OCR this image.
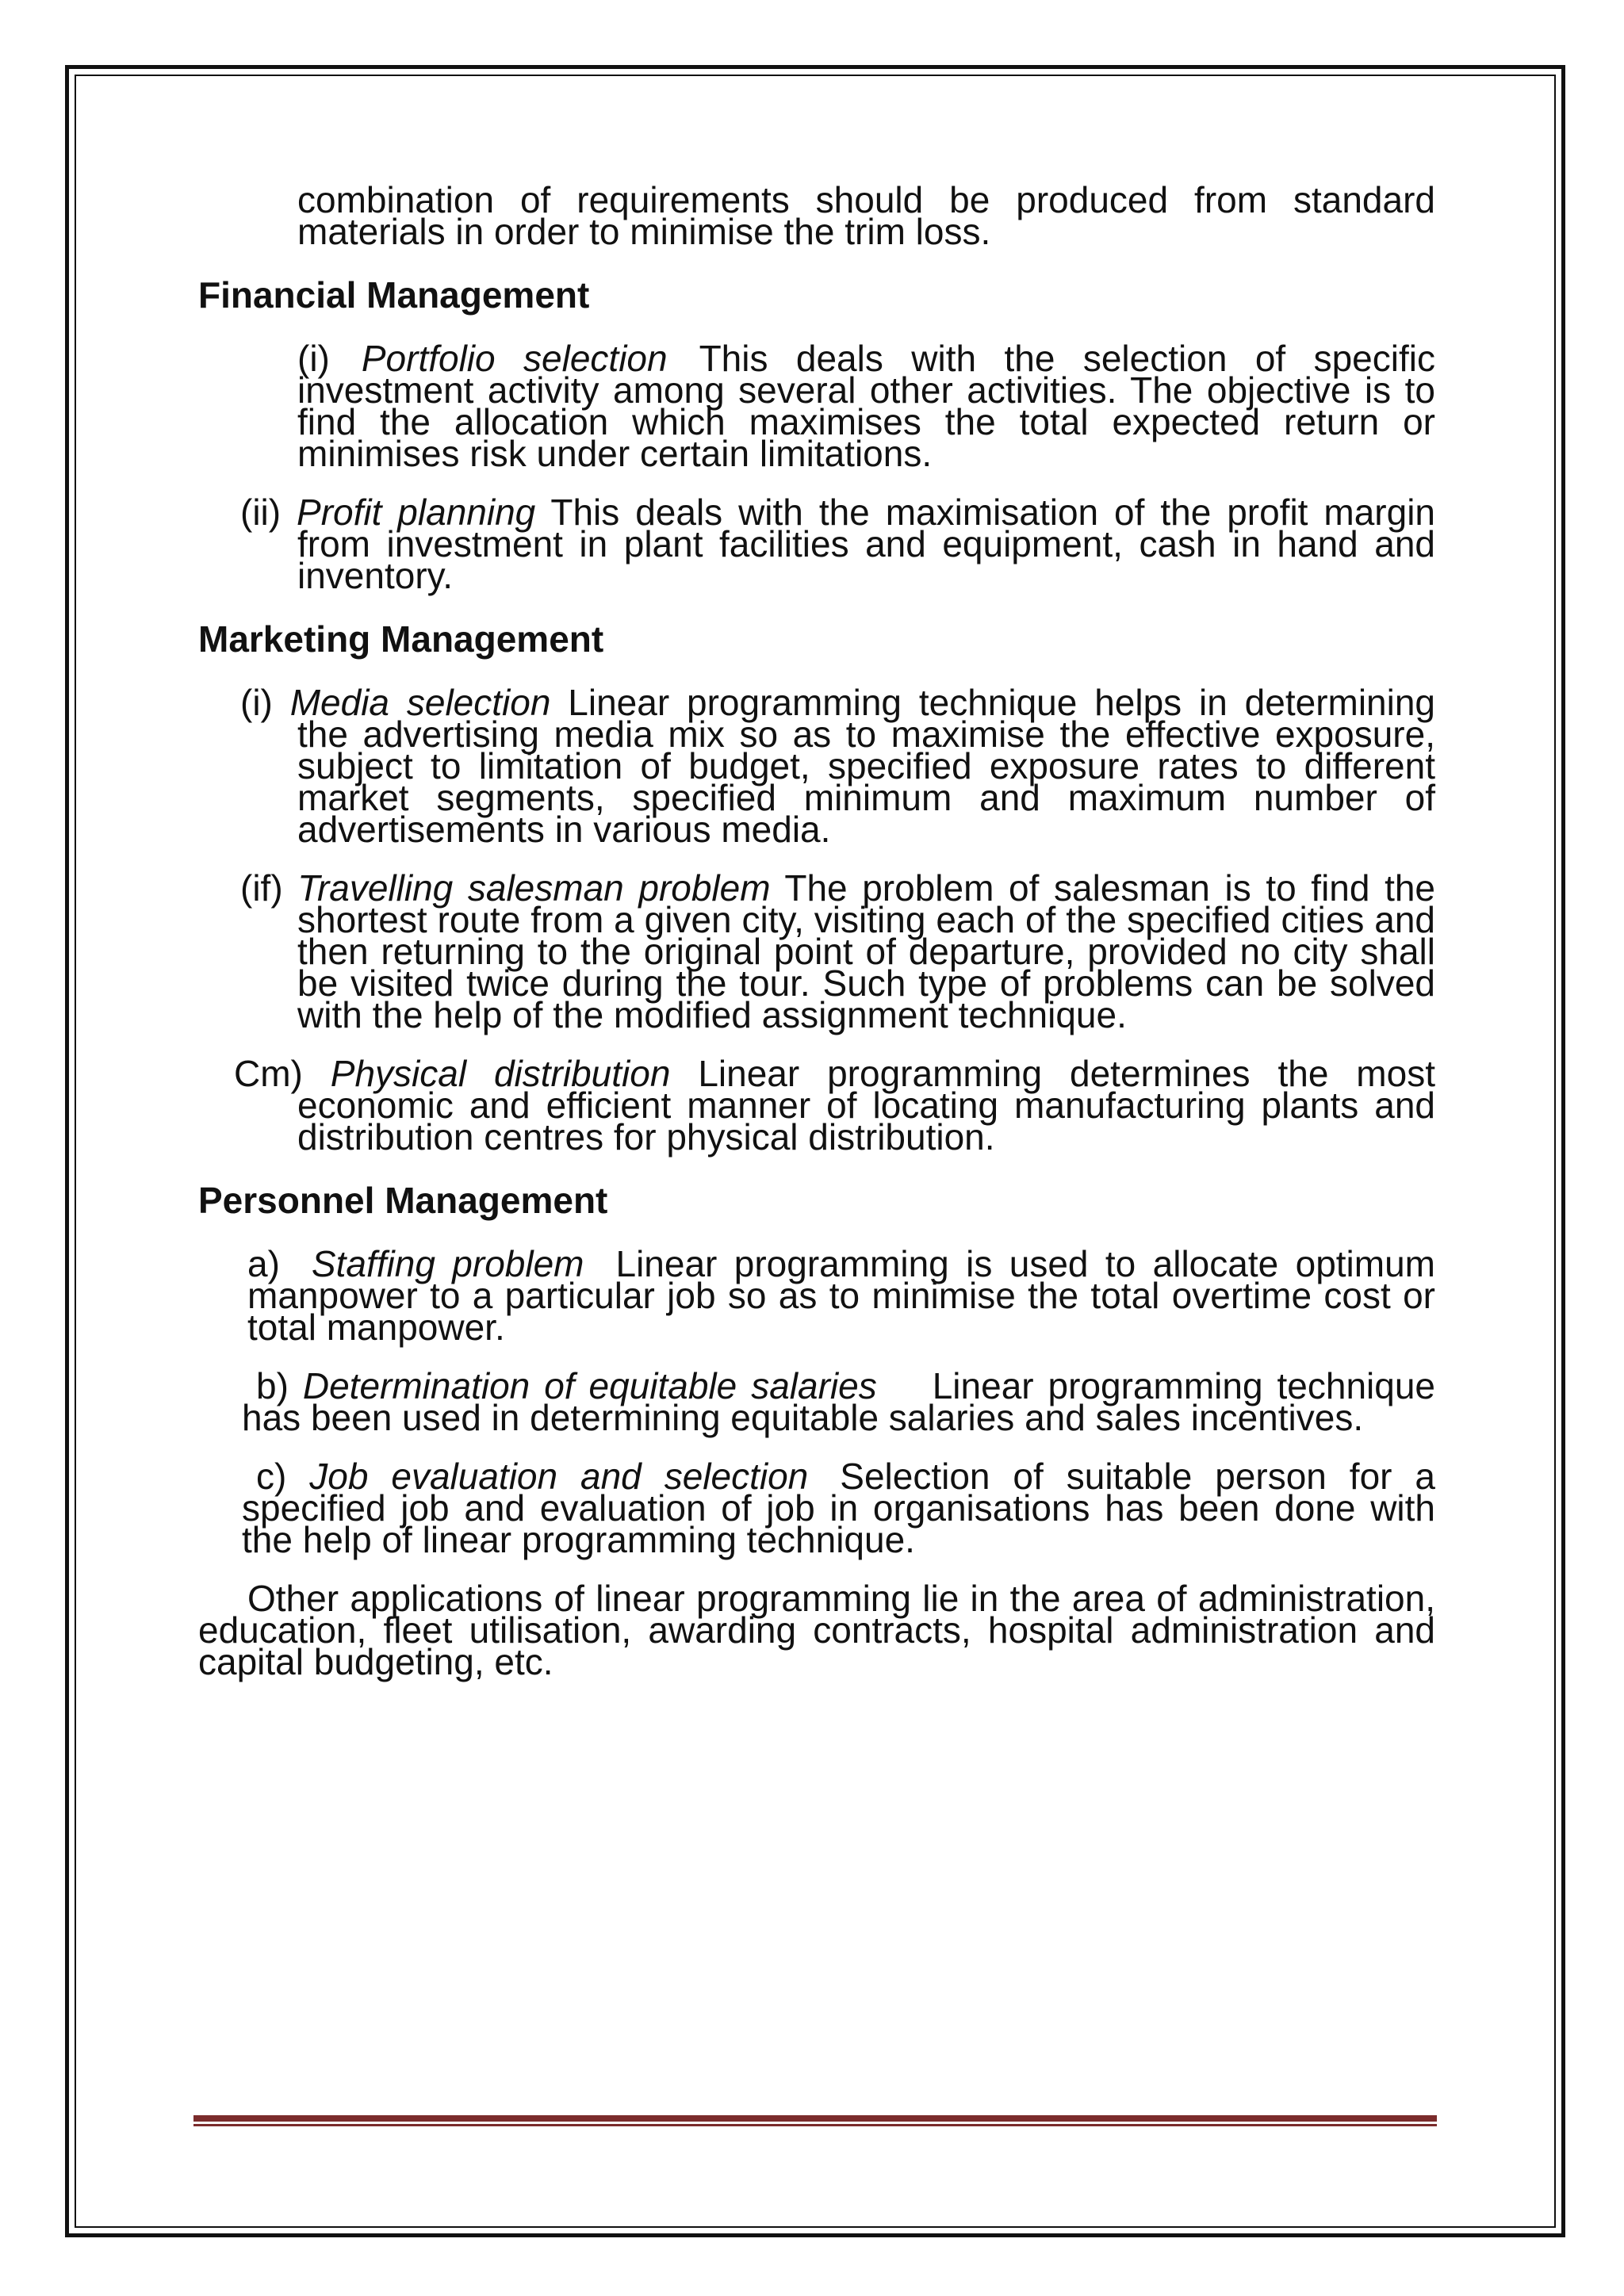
combination of requirements should be produced from standard materials in order to minimise the trim loss.

Financial Management

(i) Portfolio selection This deals with the selection of specific investment activity among several other activities. The objective is to find the allocation which maximises the total expected return or minimises risk under certain limitations.

(ii) Profit planning This deals with the maximisation of the profit margin from investment in plant facilities and equipment, cash in hand and inventory.

Marketing Management

(i) Media selection Linear programming technique helps in determining the advertising media mix so as to maximise the effective exposure, subject to limitation of budget, specified exposure rates to different market segments, specified minimum and maximum number of advertisements in various media.

(if) Travelling salesman problem The problem of salesman is to find the shortest route from a given city, visiting each of the specified cities and then returning to the original point of departure, provided no city shall be visited twice during the tour. Such type of problems can be solved with the help of the modified assignment technique.

Cm) Physical distribution Linear programming determines the most economic and efficient manner of locating manufacturing plants and distribution centres for physical distribution.

Personnel Management

a) Staffing problem Linear programming is used to allocate optimum manpower to a particular job so as to minimise the total overtime cost or total manpower.

b) Determination of equitable salaries Linear programming technique has been used in determining equitable salaries and sales incentives.

c) Job evaluation and selection Selection of suitable person for a specified job and evaluation of job in organisations has been done with the help of linear programming technique.

Other applications of linear programming lie in the area of administration, education, fleet utilisation, awarding contracts, hospital administration and capital budgeting, etc.
